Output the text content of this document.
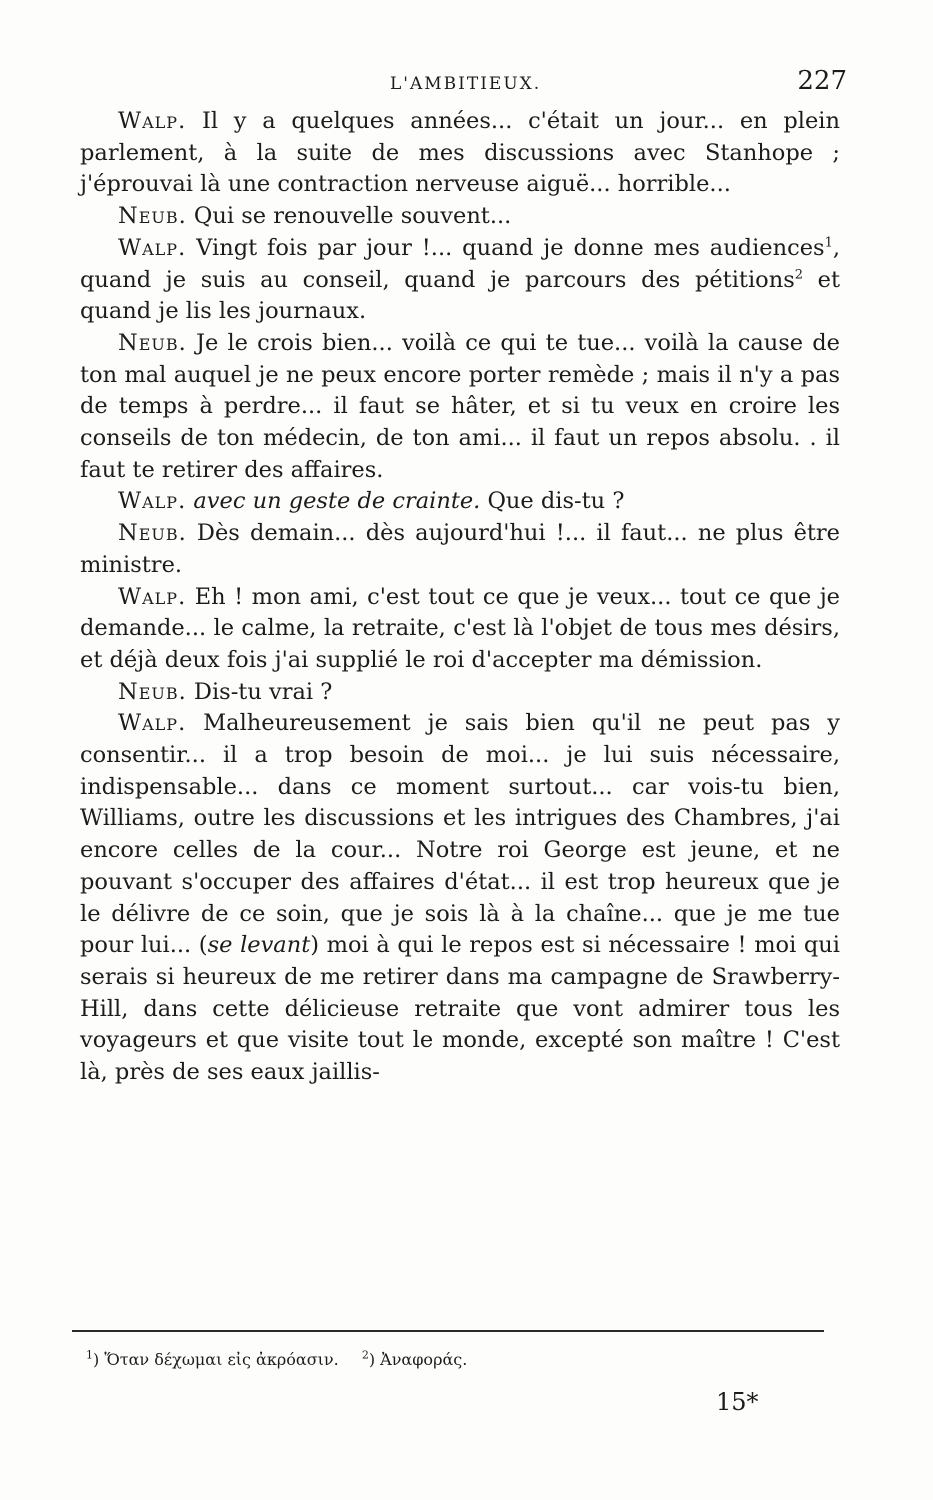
L'AMBITIEUX.	227

Walp. Il y a quelques années... c'était un jour... en plein parlement, à la suite de mes discussions avec Stanhope ; j'éprouvai là une contraction nerveuse aiguë... horrible...

Neub. Qui se renouvelle souvent...

Walp. Vingt fois par jour !... quand je donne mes audiences$^1$, quand je suis au conseil, quand je parcours des pétitions$^2$ et quand je lis les journaux.

Neub. Je le crois bien... voilà ce qui te tue... voilà la cause de ton mal auquel je ne peux encore porter remède ; mais il n'y a pas de temps à perdre... il faut se hâter, et si tu veux en croire les conseils de ton médecin, de ton ami... il faut un repos absolu. . il faut te retirer des affaires.

Walp. avec un geste de crainte. Que dis-tu ?

Neub. Dès demain... dès aujourd'hui !... il faut... ne plus être ministre.

Walp. Eh ! mon ami, c'est tout ce que je veux... tout ce que je demande... le calme, la retraite, c'est là l'objet de tous mes désirs, et déjà deux fois j'ai supplié le roi d'accepter ma démission.

Neub. Dis-tu vrai ?

Walp. Malheureusement je sais bien qu'il ne peut pas y consentir... il a trop besoin de moi... je lui suis nécessaire, indispensable... dans ce moment surtout... car vois-tu bien, Williams, outre les discussions et les intrigues des Chambres, j'ai encore celles de la cour... Notre roi George est jeune, et ne pouvant s'occuper des affaires d'état... il est trop heureux que je le délivre de ce soin, que je sois là à la chaîne... que je me tue pour lui... (se levant) moi à qui le repos est si nécessaire ! moi qui serais si heureux de me retirer dans ma campagne de Srawberry-Hill, dans cette délicieuse retraite que vont admirer tous les voyageurs et que visite tout le monde, excepté son maître ! C'est là, près de ses eaux jaillis-

$^1$) Ὅταν δέχωμαι εἰς ἀκρόασιν. $^2$) Ἀναφοράς.
15*
